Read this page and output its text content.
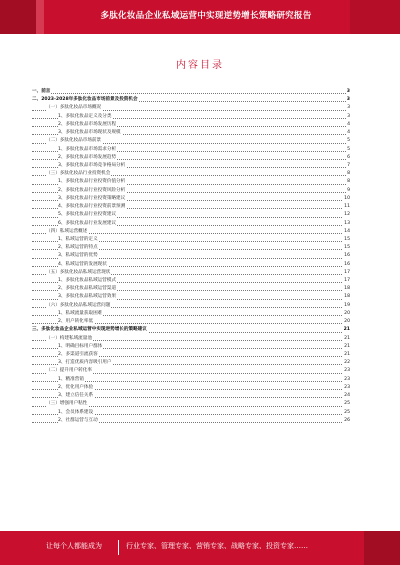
多肽化妆品企业私域运营中实现逆势增长策略研究报告
内容目录
一、前言	3
二、2023-2028年多肽化妆品市场前景及投资机会	3
（一）多肽化妆品市场概况	3
1、多肽化妆品定义及分类	3
2、多肽化妆品市场发展历程	4
3、多肽化妆品市场现状及规模	4
（二）多肽化妆品市场前景	5
1、多肽化妆品市场需求分析	5
2、多肽化妆品市场发展趋势	6
3、多肽化妆品市场竞争格局分析	7
（三）多肽化妆品行业投资机会	8
1、多肽化妆品行业投资价值分析	8
2、多肽化妆品行业投资风险分析	9
3、多肽化妆品行业投资策略建议	10
4、多肽化妆品行业投资前景预测	11
5、多肽化妆品行业投资建议	12
6、多肽化妆品行业发展建议	13
（四）私域运营概述	14
1、私域运营的定义	15
2、私域运营的特点	15
3、私域运营的优势	16
4、私域运营的发展现状	16
（五）多肽化妆品私域运营现状	17
1、多肽化妆品私域运营模式	17
2、多肽化妆品私域运营渠道	18
3、多肽化妆品私域运营效果	18
（六）多肽化妆品私域运营问题	19
1、私域流量获取困难	20
2、用户转化率低	20
三、多肽化妆品企业私域运营中实现逆势增长的策略建议	21
（一）构建私域流量池	21
1、明确目标用户群体	21
2、多渠道引流获客	21
3、打造优质内容吸引用户	22
（二）提升用户转化率	23
1、精准营销	23
2、优化用户体验	23
3、建立信任关系	24
（三）增强用户粘性	25
1、会员体系建设	25
2、社群运营与互动	26
让每个人都能成为	行业专家、管理专家、营销专家、战略专家、投资专家……
